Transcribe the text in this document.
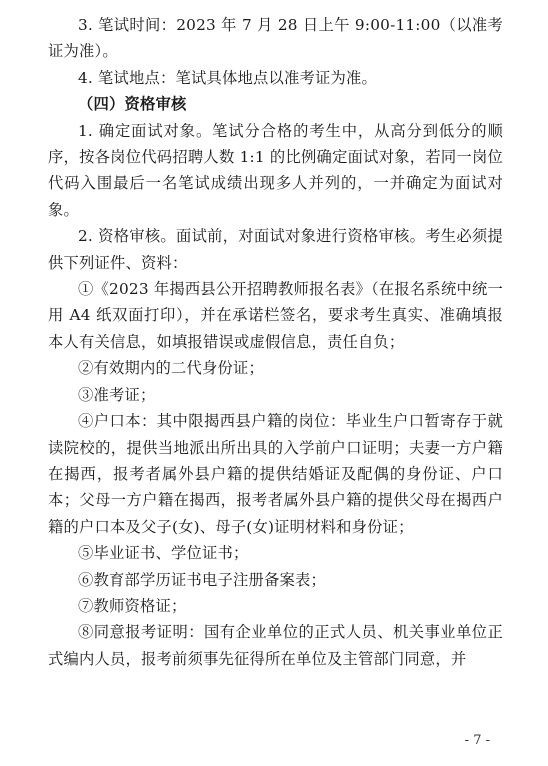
3. 笔试时间：2023 年 7 月 28 日上午 9:00-11:00（以准考证为准）。

4. 笔试地点：笔试具体地点以准考证为准。

（四）资格审核

1. 确定面试对象。笔试分合格的考生中，从高分到低分的顺序，按各岗位代码招聘人数 1:1 的比例确定面试对象，若同一岗位代码入围最后一名笔试成绩出现多人并列的，一并确定为面试对象。

2. 资格审核。面试前，对面试对象进行资格审核。考生必须提供下列证件、资料：

①《2023 年揭西县公开招聘教师报名表》（在报名系统中统一用 A4 纸双面打印），并在承诺栏签名，要求考生真实、准确填报本人有关信息，如填报错误或虚假信息，责任自负；

②有效期内的二代身份证；

③准考证；

④户口本：其中限揭西县户籍的岗位：毕业生户口暂寄存于就读院校的，提供当地派出所出具的入学前户口证明；夫妻一方户籍在揭西，报考者属外县户籍的提供结婚证及配偶的身份证、户口本；父母一方户籍在揭西，报考者属外县户籍的提供父母在揭西户籍的户口本及父子(女)、母子(女)证明材料和身份证；

⑤毕业证书、学位证书；

⑥教育部学历证书电子注册备案表；

⑦教师资格证；

⑧同意报考证明：国有企业单位的正式人员、机关事业单位正式编内人员，报考前须事先征得所在单位及主管部门同意，并

- 7 -
